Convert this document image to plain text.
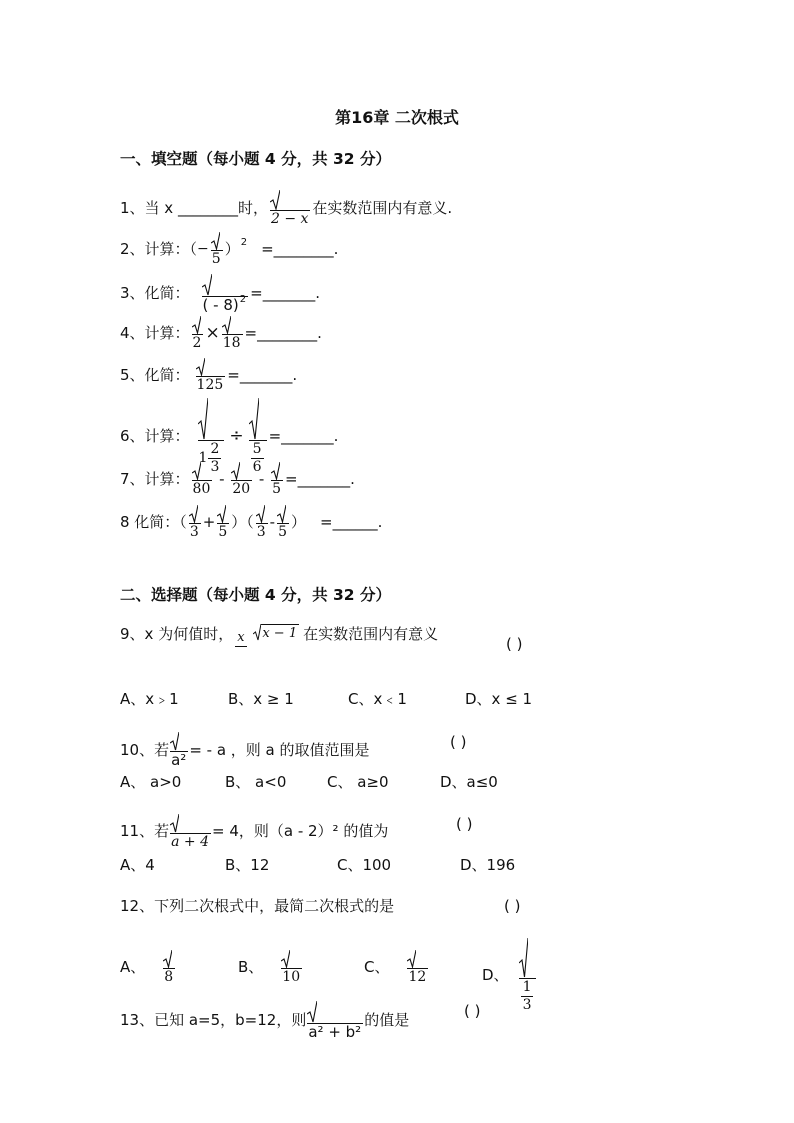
第16章 二次根式
一、填空题（每小题 4 分，共 32 分）
1、当 x ________时，
2 − x
在实数范围内有意义.
2、计算：（ −
5
） 2 =________.
3、化简：
( - 8) 2 =_______.
4、计算：
2
×
18
=________.
5、化简：
125
=_______.
6、计算：
$1 \frac{2}{3}$
÷
$\frac{5}{6}$
=_______.
7、计算：
80
-
20
-
5
=_______.
8 化简：（
3
+
5
）（
3
-
5
） =______.
二、选择题（每小题 4 分，共 32 分）
9、x 为何值时， x x − 1 在实数范围内有意义
( )
A、x﹥1	B、x ≥ 1	C、x﹤1	D、x ≤ 1
10、若
a²
= - a ，则 a 的取值范围是	( )
A、 a>0	B、 a<0	C、 a≥0	D、a≤0
11、若
a + 4
= 4，则（a - 2）² 的值为	( )
A、4	B、12	C、100	D、196
12、下列二次根式中，最简二次根式的是	( )
A、
8
B、
10
C、
12	D、
$\frac{1}{3}$
13、已知 a=5，b=12，则
a² + b²
的值是	( )
